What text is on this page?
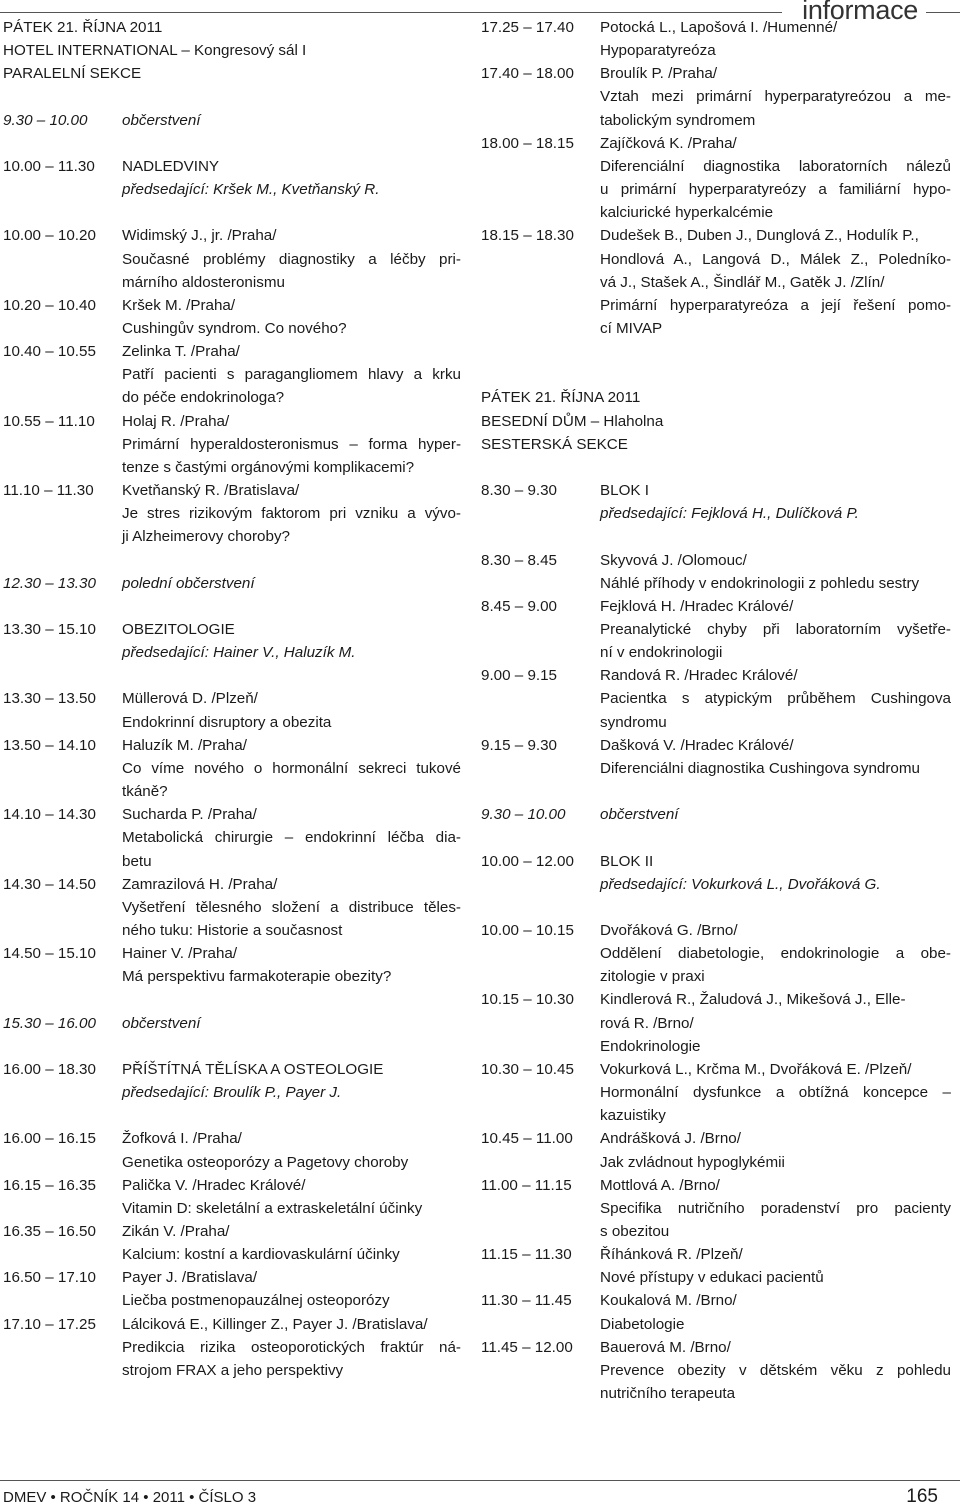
informace
PÁTEK 21. ŘÍJNA 2011
HOTEL INTERNATIONAL – Kongresový sál I
PARALELNÍ SEKCE
9.30 – 10.00	občerstvení
10.00 – 11.30	NADLEDVINY
předsedající: Kršek M., Kvetňanský R.
10.00 – 10.20	Widimský J., jr. /Praha/
Současné problémy diagnostiky a léčby pri-
márního aldosteronismu
10.20 – 10.40	Kršek M. /Praha/
Cushingův syndrom. Co nového?
10.40 – 10.55	Zelinka T. /Praha/
Patří pacienti s paragangliomem hlavy a krku
do péče endokrinologa?
10.55 – 11.10	Holaj R. /Praha/
Primární hyperaldosteronismus – forma hyper-
tenze s častými orgánovými komplikacemi?
11.10 – 11.30	Kvetňanský R. /Bratislava/
Je stres rizikovým faktorom pri vzniku a vývo-
ji Alzheimerovy choroby?
12.30 – 13.30	polední občerstvení
13.30 – 15.10	OBEZITOLOGIE
předsedající: Hainer V., Haluzík M.
13.30 – 13.50	Müllerová D. /Plzeň/
Endokrinní disruptory a obezita
13.50 – 14.10	Haluzík M. /Praha/
Co víme nového o hormonální sekreci tukové
tkáně?
14.10 – 14.30	Sucharda P. /Praha/
Metabolická chirurgie – endokrinní léčba dia-
betu
14.30 – 14.50	Zamrazilová H. /Praha/
Vyšetření tělesného složení a distribuce těles-
ného tuku: Historie a současnost
14.50 – 15.10	Hainer V. /Praha/
Má perspektivu farmakoterapie obezity?
15.30 – 16.00	občerstvení
16.00 – 18.30	PŘÍŠTÍTNÁ TĚLÍSKA A OSTEOLOGIE
předsedající: Broulík P., Payer J.
16.00 – 16.15	Žofková I. /Praha/
Genetika osteoporózy a Pagetovy choroby
16.15 – 16.35	Palička V. /Hradec Králové/
Vitamin D: skeletální a extraskeletální účinky
16.35 – 16.50	Zikán V. /Praha/
Kalcium: kostní a kardiovaskulární účinky
16.50 – 17.10	Payer J. /Bratislava/
Liečba postmenopauzálnej osteoporózy
17.10 – 17.25	Lálciková E., Killinger Z., Payer J. /Bratislava/
Predikcia rizika osteoporotických fraktúr ná-
strojom FRAX a jeho perspektivy
17.25 – 17.40	Potocká L., Lapošová I. /Humenné/
Hypoparatyreóza
17.40 – 18.00	Broulík P. /Praha/
Vztah mezi primární hyperparatyreózou a me-
tabolickým syndromem
18.00 – 18.15	Zajíčková K. /Praha/
Diferenciální diagnostika laboratorních nálezů
u primární hyperparatyreózy a familiární hypo-
kalciurické hyperkalcémie
18.15 – 18.30	Dudešek B., Duben J., Dunglová Z., Hodulík P.,
Hondlová A., Langová D., Málek Z., Poledníko-
vá J., Stašek A., Šindlář M., Gatěk J. /Zlín/
Primární hyperparatyreóza a její řešení pomo-
cí MIVAP
PÁTEK 21. ŘÍJNA 2011
BESEDNÍ DŮM – Hlaholna
SESTERSKÁ SEKCE
8.30 – 9.30	BLOK I
předsedající: Fejklová H., Dulíčková P.
8.30 – 8.45	Skyvová J. /Olomouc/
Náhlé příhody v endokrinologii z pohledu sestry
8.45 – 9.00	Fejklová H. /Hradec Králové/
Preanalytické chyby při laboratorním vyšetře-
ní v endokrinologii
9.00 – 9.15	Randová R. /Hradec Králové/
Pacientka s atypickým průběhem Cushingova
syndromu
9.15 – 9.30	Dašková V. /Hradec Králové/
Diferenciálni diagnostika Cushingova syndromu
9.30 – 10.00	občerstvení
10.00 – 12.00	BLOK II
předsedající: Vokurková L., Dvořáková G.
10.00 – 10.15	Dvořáková G. /Brno/
Oddělení diabetologie, endokrinologie a obe-
zitologie v praxi
10.15 – 10.30	Kindlerová R., Žaludová J., Mikešová J., Elle-
rová R. /Brno/
Endokrinologie
10.30 – 10.45	Vokurková L., Krčma M., Dvořáková E. /Plzeň/
Hormonální dysfunkce a obtížná koncepce –
kazuistiky
10.45 – 11.00	Andrášková J. /Brno/
Jak zvládnout hypoglykémii
11.00 – 11.15	Mottlová A. /Brno/
Specifika nutričního poradenství pro pacienty
s obezitou
11.15 – 11.30	Říhánková R. /Plzeň/
Nové přístupy v edukaci pacientů
11.30 – 11.45	Koukalová M. /Brno/
Diabetologie
11.45 – 12.00	Bauerová M. /Brno/
Prevence obezity v dětském věku z pohledu
nutričního terapeuta
DMEV • ROČNÍK 14 • 2011 • ČÍSLO 3	165
